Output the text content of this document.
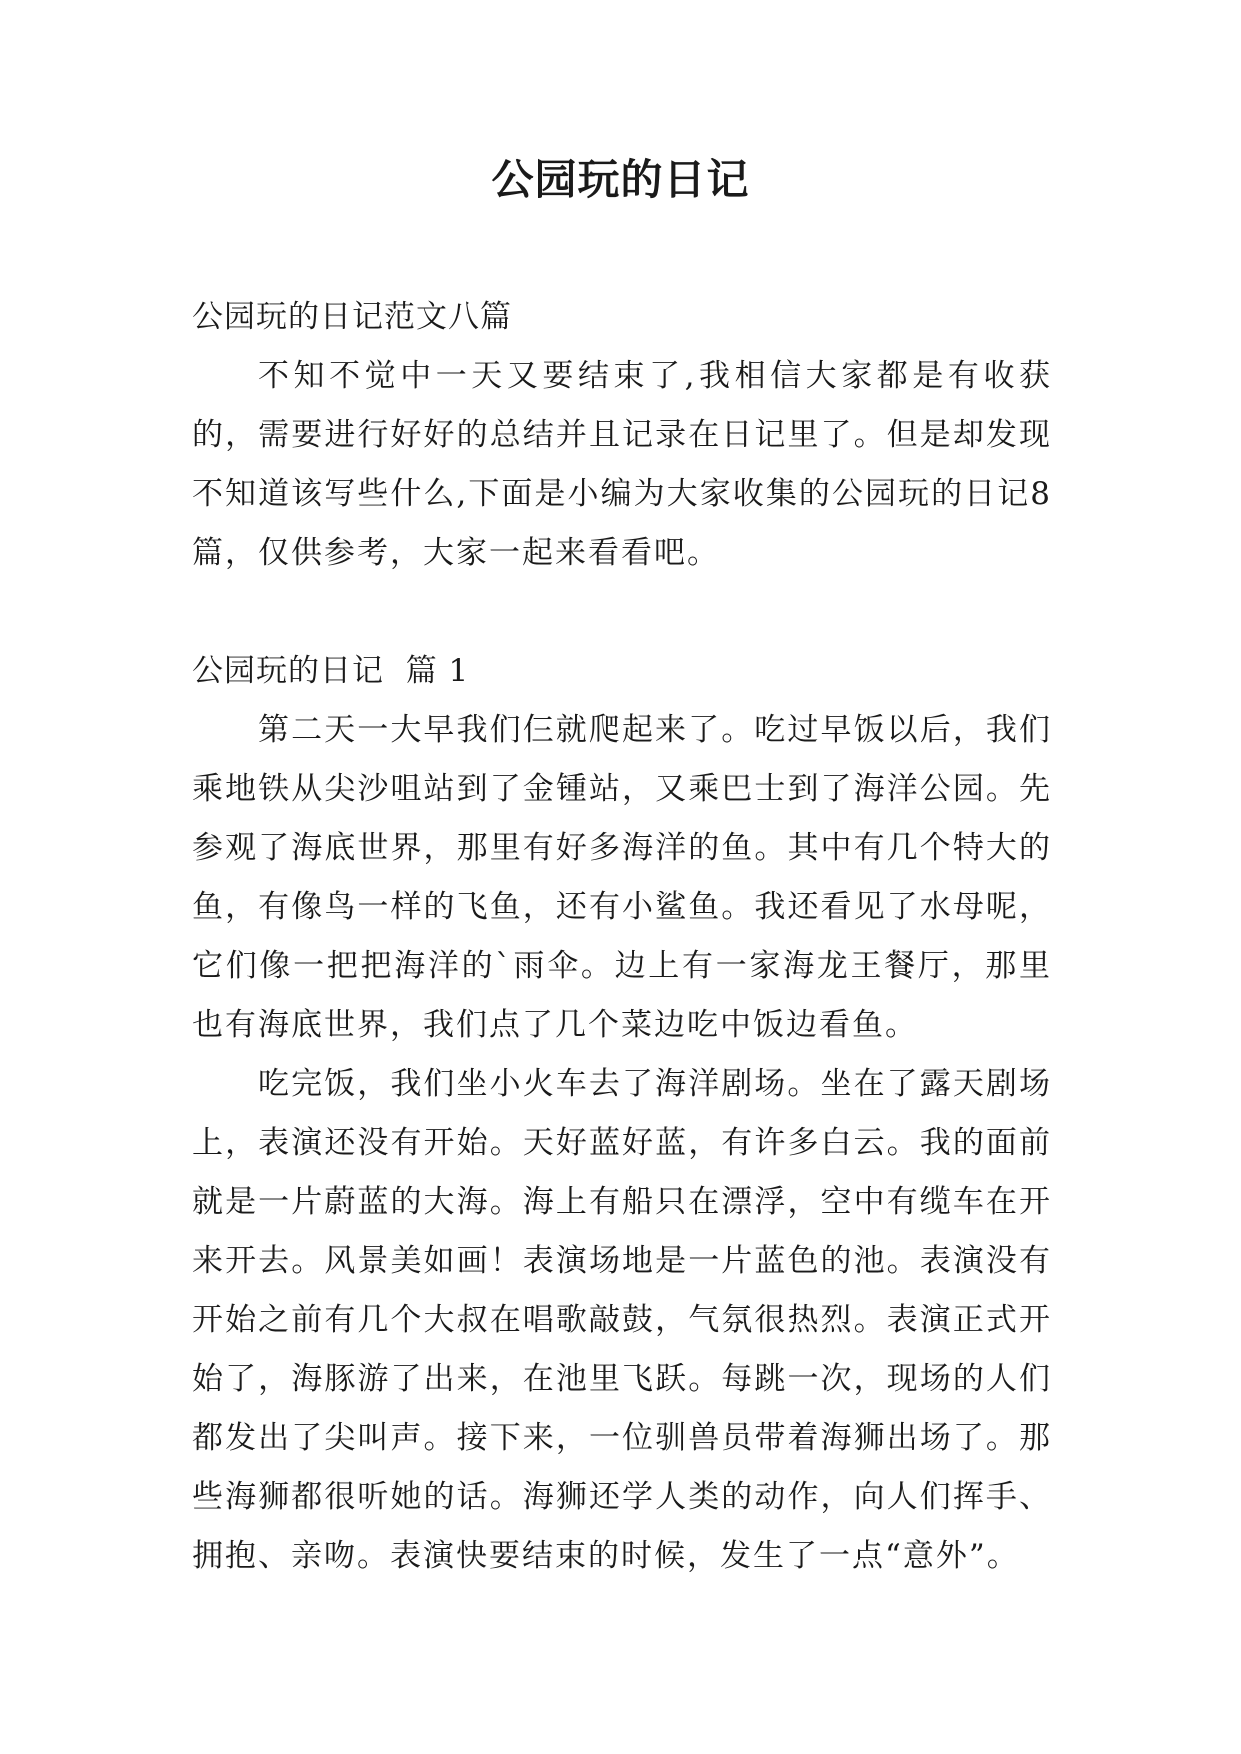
公园玩的日记

公园玩的日记范文八篇

不知不觉中一天又要结束了,我相信大家都是有收获的，需要进行好好的总结并且记录在日记里了。但是却发现不知道该写些什么,下面是小编为大家收集的公园玩的日记8篇，仅供参考，大家一起来看看吧。

公园玩的日记  篇 1

第二天一大早我们仨就爬起来了。吃过早饭以后，我们乘地铁从尖沙咀站到了金锺站，又乘巴士到了海洋公园。先参观了海底世界，那里有好多海洋的鱼。其中有几个特大的鱼，有像鸟一样的飞鱼，还有小鲨鱼。我还看见了水母呢，它们像一把把海洋的`雨伞。边上有一家海龙王餐厅，那里也有海底世界，我们点了几个菜边吃中饭边看鱼。

吃完饭，我们坐小火车去了海洋剧场。坐在了露天剧场上，表演还没有开始。天好蓝好蓝，有许多白云。我的面前就是一片蔚蓝的大海。海上有船只在漂浮，空中有缆车在开来开去。风景美如画！表演场地是一片蓝色的池。表演没有开始之前有几个大叔在唱歌敲鼓，气氛很热烈。表演正式开始了，海豚游了出来，在池里飞跃。每跳一次，现场的人们都发出了尖叫声。接下来，一位驯兽员带着海狮出场了。那些海狮都很听她的话。海狮还学人类的动作，向人们挥手、拥抱、亲吻。表演快要结束的时候，发生了一点“意外”。
